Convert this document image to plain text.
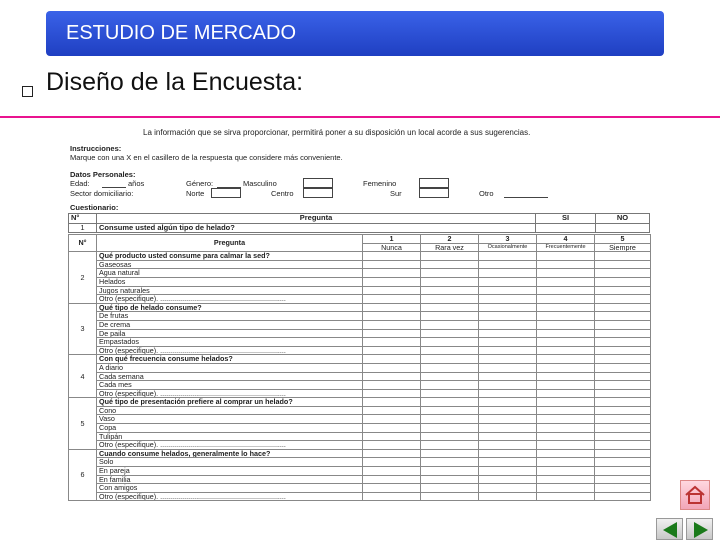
ESTUDIO DE MERCADO
Diseño de la Encuesta:
La información que se sirva proporcionar, permitirá poner a su disposición un local acorde a sus sugerencias.
Instrucciones:
Marque con una X en el casillero de la respuesta que considere más conveniente.
Datos Personales:
Edad:	años	Género:	Masculino	Femenino
Sector domiciliario:	Norte	Centro	Sur	Otro
Cuestionario:
N°	Pregunta	SI	NO
1	Consume usted algún tipo de helado?		
N°	Pregunta	1	2	3	4	5
		Nunca	Rara vez	Ocasionalmente	Frecuentemente	Siempre
2	Qué producto usted consume para calmar la sed?					
	Gaseosas					
	Agua natural					
	Helados					
	Jugos naturales					
	Otro (especifique). ...............................................................					
3	Qué tipo de helado consume?					
	De frutas					
	De crema					
	De paila					
	Empastados					
	Otro (especifique). ...............................................................					
4	Con qué frecuencia consume helados?					
	A diario					
	Cada semana					
	Cada mes					
	Otro (especifique). ...............................................................					
5	Qué tipo de presentación prefiere al comprar un helado?					
	Cono					
	Vaso					
	Copa					
	Tulipán					
	Otro (especifique). ...............................................................					
6	Cuando consume helados, generalmente lo hace?					
	Solo					
	En pareja					
	En familia					
	Con amigos					
	Otro (especifique). ...............................................................					
